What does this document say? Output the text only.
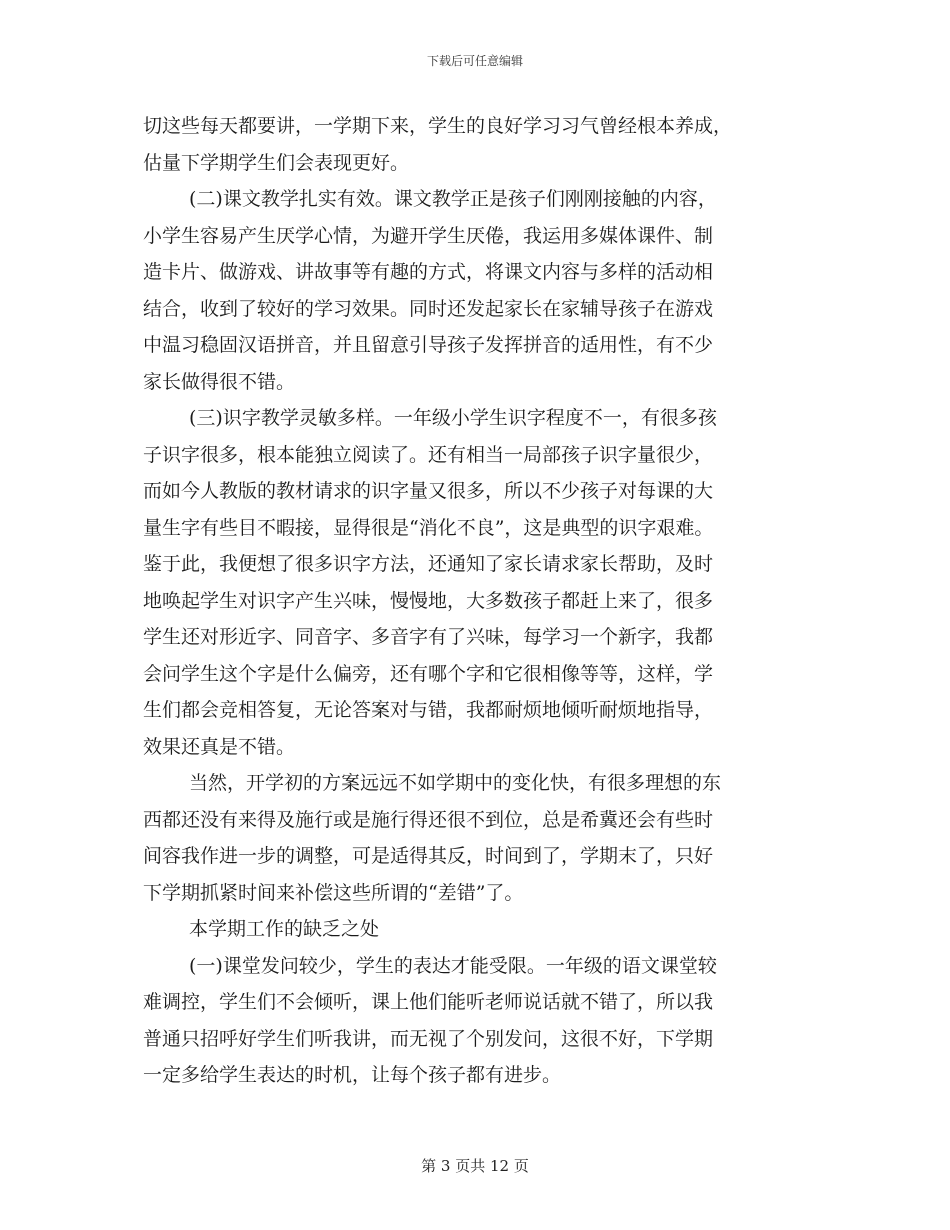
下载后可任意编辑
切这些每天都要讲，一学期下来，学生的良好学习习气曾经根本养成，
估量下学期学生们会表现更好。
(二)课文教学扎实有效。课文教学正是孩子们刚刚接触的内容，
小学生容易产生厌学心情，为避开学生厌倦，我运用多媒体课件、制
造卡片、做游戏、讲故事等有趣的方式，将课文内容与多样的活动相
结合，收到了较好的学习效果。同时还发起家长在家辅导孩子在游戏
中温习稳固汉语拼音，并且留意引导孩子发挥拼音的适用性，有不少
家长做得很不错。
(三)识字教学灵敏多样。一年级小学生识字程度不一，有很多孩
子识字很多，根本能独立阅读了。还有相当一局部孩子识字量很少，
而如今人教版的教材请求的识字量又很多，所以不少孩子对每课的大
量生字有些目不暇接，显得很是“消化不良”，这是典型的识字艰难。
鉴于此，我便想了很多识字方法，还通知了家长请求家长帮助，及时
地唤起学生对识字产生兴味，慢慢地，大多数孩子都赶上来了，很多
学生还对形近字、同音字、多音字有了兴味，每学习一个新字，我都
会问学生这个字是什么偏旁，还有哪个字和它很相像等等，这样，学
生们都会竞相答复，无论答案对与错，我都耐烦地倾听耐烦地指导，
效果还真是不错。
当然，开学初的方案远远不如学期中的变化快，有很多理想的东
西都还没有来得及施行或是施行得还很不到位，总是希冀还会有些时
间容我作进一步的调整，可是适得其反，时间到了，学期末了，只好
下学期抓紧时间来补偿这些所谓的“差错”了。
本学期工作的缺乏之处
(一)课堂发问较少，学生的表达才能受限。一年级的语文课堂较
难调控，学生们不会倾听，课上他们能听老师说话就不错了，所以我
普通只招呼好学生们听我讲，而无视了个别发问，这很不好，下学期
一定多给学生表达的时机，让每个孩子都有进步。
第 3 页共 12 页
